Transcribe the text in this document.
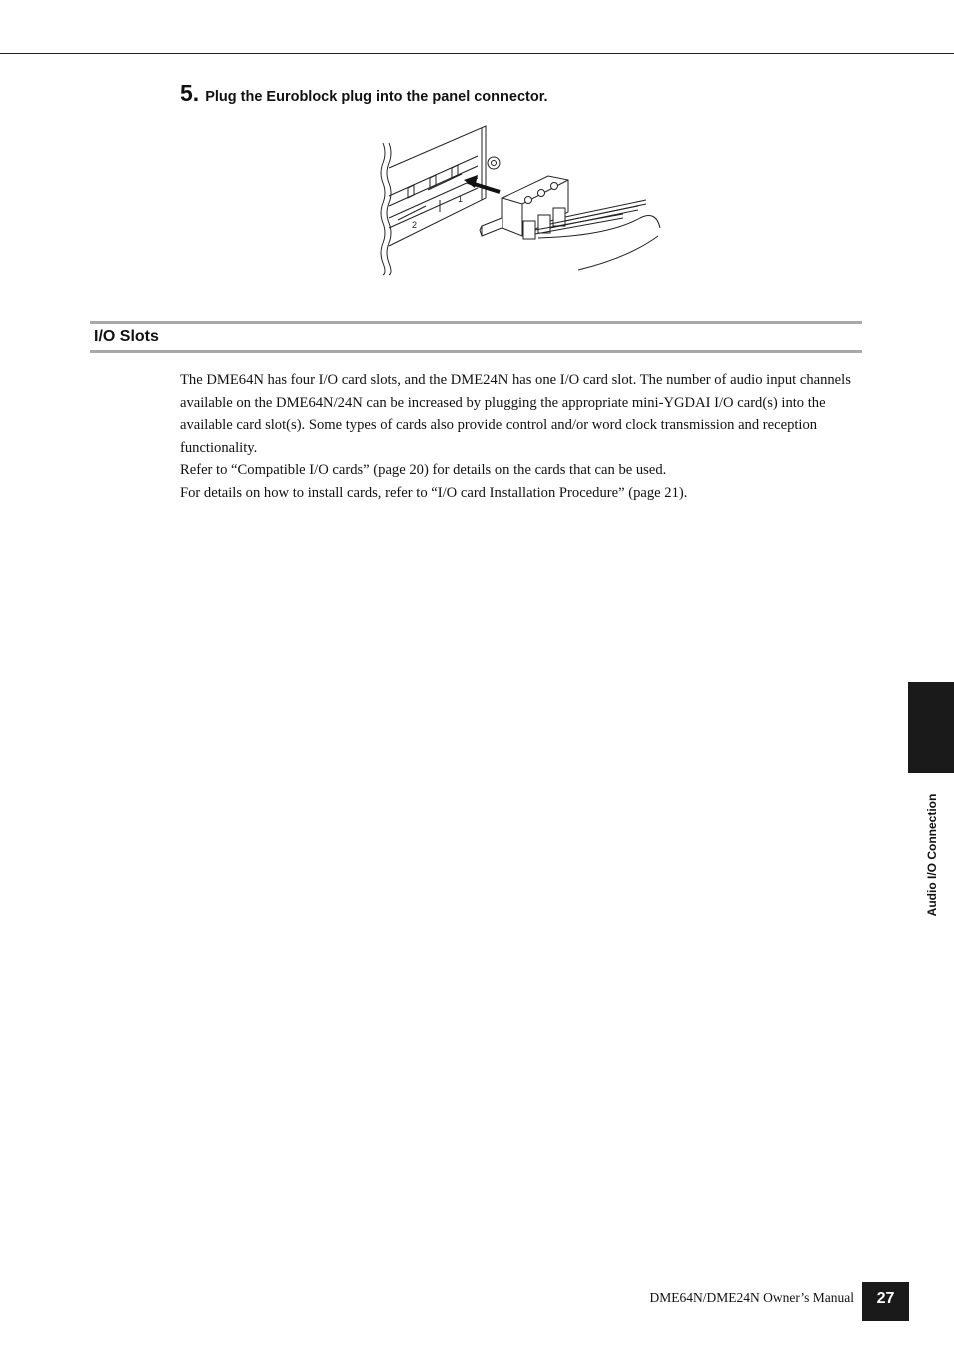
5. Plug the Euroblock plug into the panel connector.
2
1
I/O Slots

The DME64N has four I/O card slots, and the DME24N has one I/O card slot. The number of audio input channels available on the DME64N/24N can be increased by plugging the appropriate mini-YGDAI I/O card(s) into the available card slot(s). Some types of cards also provide control and/or word clock transmission and reception functionality.

Refer to “Compatible I/O cards” (page 20) for details on the cards that can be used.

For details on how to install cards, refer to “I/O card Installation Procedure” (page 21).

Audio I/O Connection
DME64N/DME24N Owner’s Manual	27
